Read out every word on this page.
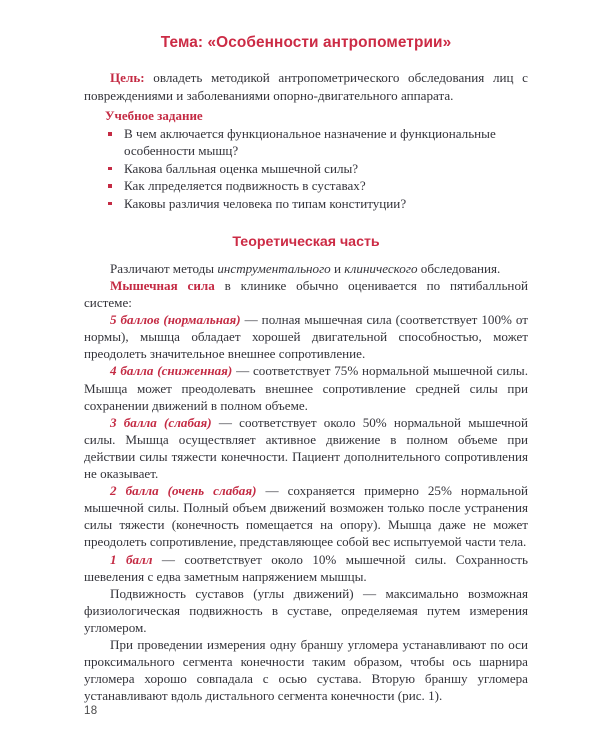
Тема: «Особенности антропометрии»

Цель: овладеть методикой антропометрического обследования лиц с повреждениями и заболеваниями опорно-двигательного аппарата.

Учебное задание
В чем аключается функциональное назначение и функциональные особенности мышц?
Какова балльная оценка мышечной силы?
Как лпределяется подвижность в суставах?
Каковы различия человека по типам конституции?
Теоретическая часть

Различают методы инструментального и клинического обследования.

Мышечная сила в клинике обычно оценивается по пятибалльной системе:

5 баллов (нормальная) — полная мышечная сила (соответствует 100% от нормы), мышца обладает хорошей двигательной способностью, может преодолеть значительное внешнее сопротивление.

4 балла (сниженная) — соответствует 75% нормальной мышечной силы. Мышца может преодолевать внешнее сопротивление средней силы при сохранении движений в полном объеме.

3 балла (слабая) — соответствует около 50% нормальной мышечной силы. Мышца осуществляет активное движение в полном объеме при действии силы тяжести конечности. Пациент дополнительного сопротивления не оказывает.

2 балла (очень слабая) — сохраняется примерно 25% нормальной мышечной силы. Полный объем движений возможен только после устранения силы тяжести (конечность помещается на опору). Мышца даже не может преодолеть сопротивление, представляющее собой вес испытуемой части тела.

1 балл — соответствует около 10% мышечной силы. Сохранность шевеления с едва заметным напряжением мышцы.

Подвижность суставов (углы движений) — максимально возможная физиологическая подвижность в суставе, определяемая путем измерения угломером.

При проведении измерения одну браншу угломера устанавливают по оси проксимального сегмента конечности таким образом, чтобы ось шарнира угломера хорошо совпадала с осью сустава. Вторую браншу угломера устанавливают вдоль дистального сегмента конечности (рис. 1).

18
